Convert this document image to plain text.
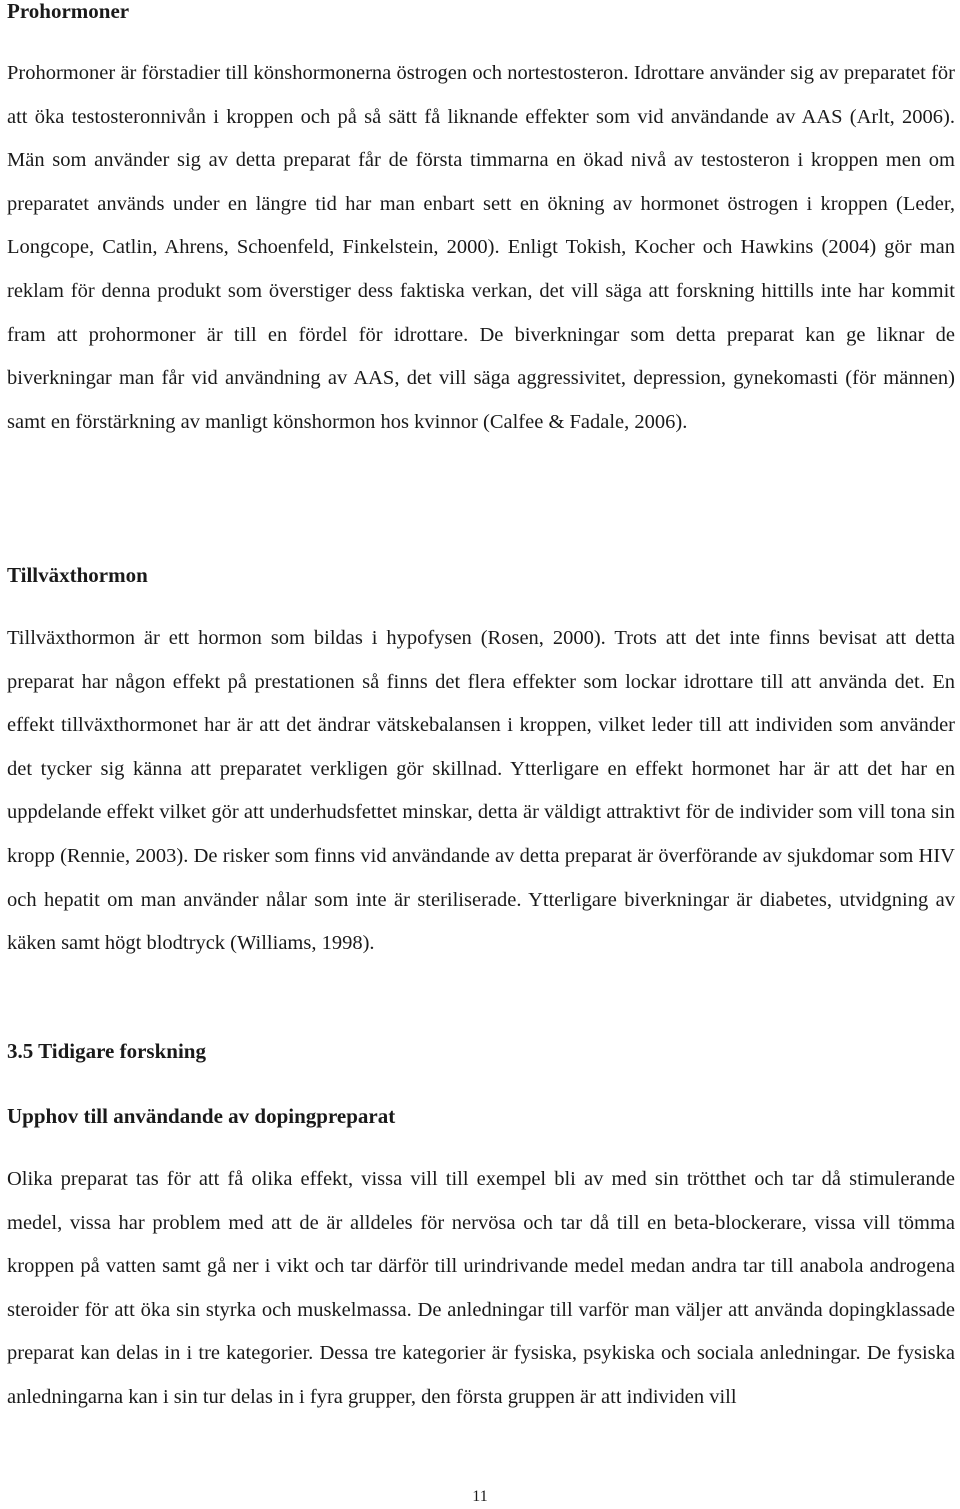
Prohormoner

Prohormoner är förstadier till könshormonerna östrogen och nortestosteron. Idrottare använder sig av preparatet för att öka testosteronnivån i kroppen och på så sätt få liknande effekter som vid användande av AAS (Arlt, 2006). Män som använder sig av detta preparat får de första timmarna en ökad nivå av testosteron i kroppen men om preparatet används under en längre tid har man enbart sett en ökning av hormonet östrogen i kroppen (Leder, Longcope, Catlin, Ahrens, Schoenfeld, Finkelstein, 2000). Enligt Tokish, Kocher och Hawkins (2004) gör man reklam för denna produkt som överstiger dess faktiska verkan, det vill säga att forskning hittills inte har kommit fram att prohormoner är till en fördel för idrottare. De biverkningar som detta preparat kan ge liknar de biverkningar man får vid användning av AAS, det vill säga aggressivitet, depression, gynekomasti (för männen) samt en förstärkning av manligt könshormon hos kvinnor (Calfee & Fadale, 2006).

Tillväxthormon

Tillväxthormon är ett hormon som bildas i hypofysen (Rosen, 2000). Trots att det inte finns bevisat att detta preparat har någon effekt på prestationen så finns det flera effekter som lockar idrottare till att använda det. En effekt tillväxthormonet har är att det ändrar vätskebalansen i kroppen, vilket leder till att individen som använder det tycker sig känna att preparatet verkligen gör skillnad. Ytterligare en effekt hormonet har är att det har en uppdelande effekt vilket gör att underhudsfettet minskar, detta är väldigt attraktivt för de individer som vill tona sin kropp (Rennie, 2003). De risker som finns vid användande av detta preparat är överförande av sjukdomar som HIV och hepatit om man använder nålar som inte är steriliserade. Ytterligare biverkningar är diabetes, utvidgning av käken samt högt blodtryck (Williams, 1998).

3.5 Tidigare forskning
Upphov till användande av dopingpreparat

Olika preparat tas för att få olika effekt, vissa vill till exempel bli av med sin trötthet och tar då stimulerande medel, vissa har problem med att de är alldeles för nervösa och tar då till en beta-blockerare, vissa vill tömma kroppen på vatten samt gå ner i vikt och tar därför till urindrivande medel medan andra tar till anabola androgena steroider för att öka sin styrka och muskelmassa. De anledningar till varför man väljer att använda dopingklassade preparat kan delas in i tre kategorier. Dessa tre kategorier är fysiska, psykiska och sociala anledningar. De fysiska anledningarna kan i sin tur delas in i fyra grupper, den första gruppen är att individen vill

11
